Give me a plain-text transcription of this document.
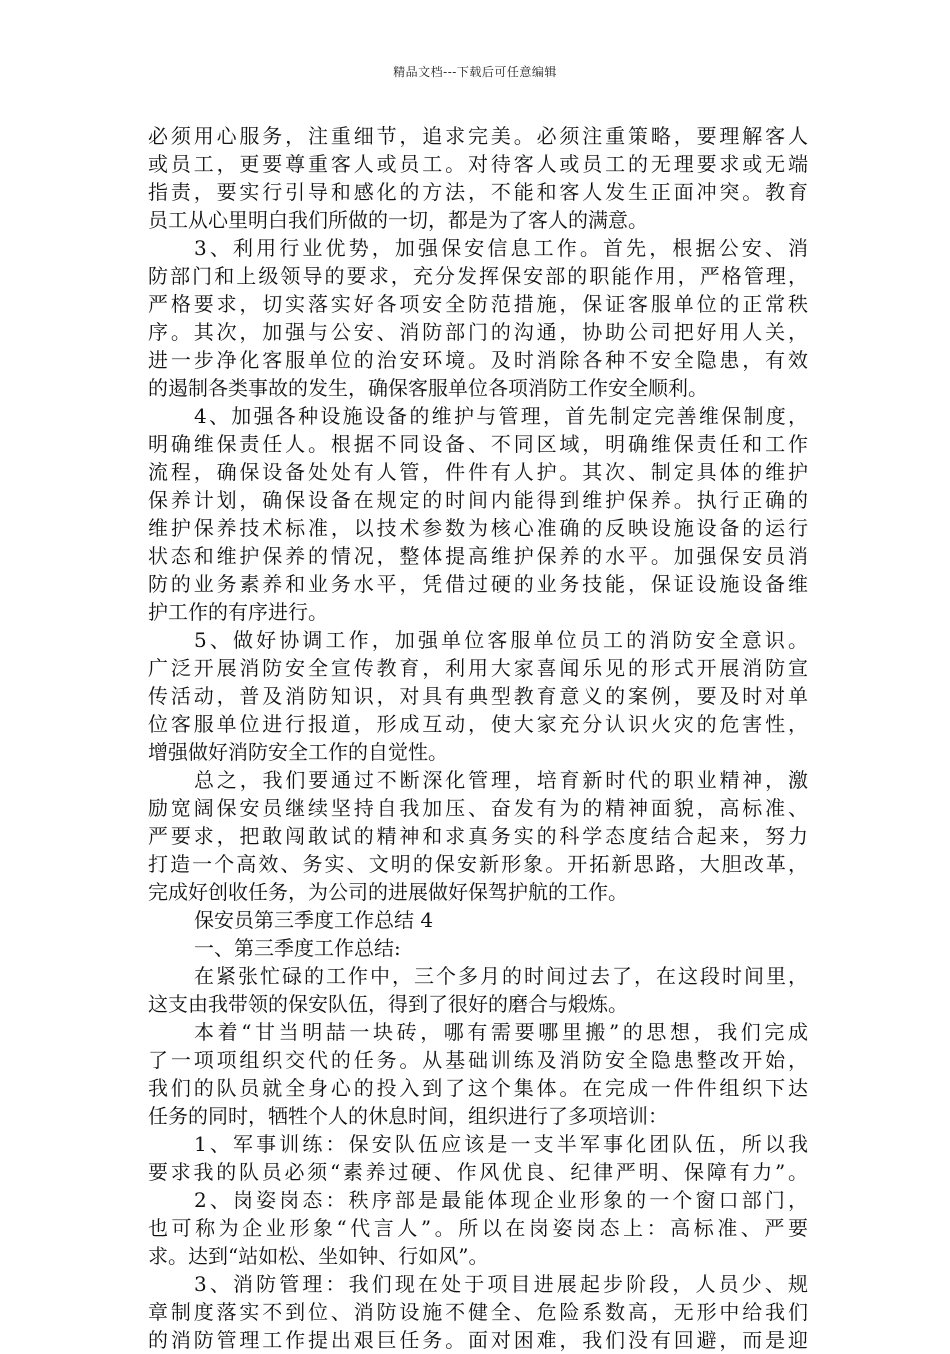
精品文档---下载后可任意编辑
必须用心服务，注重细节，追求完美。必须注重策略，要理解客人
或员工，更要尊重客人或员工。对待客人或员工的无理要求或无端
指责，要实行引导和感化的方法，不能和客人发生正面冲突。教育
员工从心里明白我们所做的一切，都是为了客人的满意。
3、利用行业优势，加强保安信息工作。首先，根据公安、消
防部门和上级领导的要求，充分发挥保安部的职能作用，严格管理，
严格要求，切实落实好各项安全防范措施，保证客服单位的正常秩
序。其次，加强与公安、消防部门的沟通，协助公司把好用人关，
进一步净化客服单位的治安环境。及时消除各种不安全隐患，有效
的遏制各类事故的发生，确保客服单位各项消防工作安全顺利。
4、加强各种设施设备的维护与管理，首先制定完善维保制度，
明确维保责任人。根据不同设备、不同区域，明确维保责任和工作
流程，确保设备处处有人管，件件有人护。其次、制定具体的维护
保养计划，确保设备在规定的时间内能得到维护保养。执行正确的
维护保养技术标准，以技术参数为核心准确的反映设施设备的运行
状态和维护保养的情况，整体提高维护保养的水平。加强保安员消
防的业务素养和业务水平，凭借过硬的业务技能，保证设施设备维
护工作的有序进行。
5、做好协调工作，加强单位客服单位员工的消防安全意识。
广泛开展消防安全宣传教育，利用大家喜闻乐见的形式开展消防宣
传活动，普及消防知识，对具有典型教育意义的案例，要及时对单
位客服单位进行报道，形成互动，使大家充分认识火灾的危害性，
增强做好消防安全工作的自觉性。
总之，我们要通过不断深化管理，培育新时代的职业精神，激
励宽阔保安员继续坚持自我加压、奋发有为的精神面貌，高标准、
严要求，把敢闯敢试的精神和求真务实的科学态度结合起来，努力
打造一个高效、务实、文明的保安新形象。开拓新思路，大胆改革，
完成好创收任务，为公司的进展做好保驾护航的工作。
保安员第三季度工作总结 4
一、第三季度工作总结:
在紧张忙碌的工作中，三个多月的时间过去了，在这段时间里，
这支由我带领的保安队伍，得到了很好的磨合与煅炼。
本着“甘当明喆一块砖，哪有需要哪里搬”的思想，我们完成
了一项项组织交代的任务。从基础训练及消防安全隐患整改开始，
我们的队员就全身心的投入到了这个集体。在完成一件件组织下达
任务的同时，牺牲个人的休息时间，组织进行了多项培训：
1、军事训练：保安队伍应该是一支半军事化团队伍，所以我
要求我的队员必须“素养过硬、作风优良、纪律严明、保障有力”。
2、岗姿岗态：秩序部是最能体现企业形象的一个窗口部门，
也可称为企业形象“代言人”。所以在岗姿岗态上：高标准、严要
求。达到“站如松、坐如钟、行如风”。
3、消防管理：我们现在处于项目进展起步阶段，人员少、规
章制度落实不到位、消防设施不健全、危险系数高，无形中给我们
的消防管理工作提出艰巨任务。面对困难，我们没有回避，而是迎
